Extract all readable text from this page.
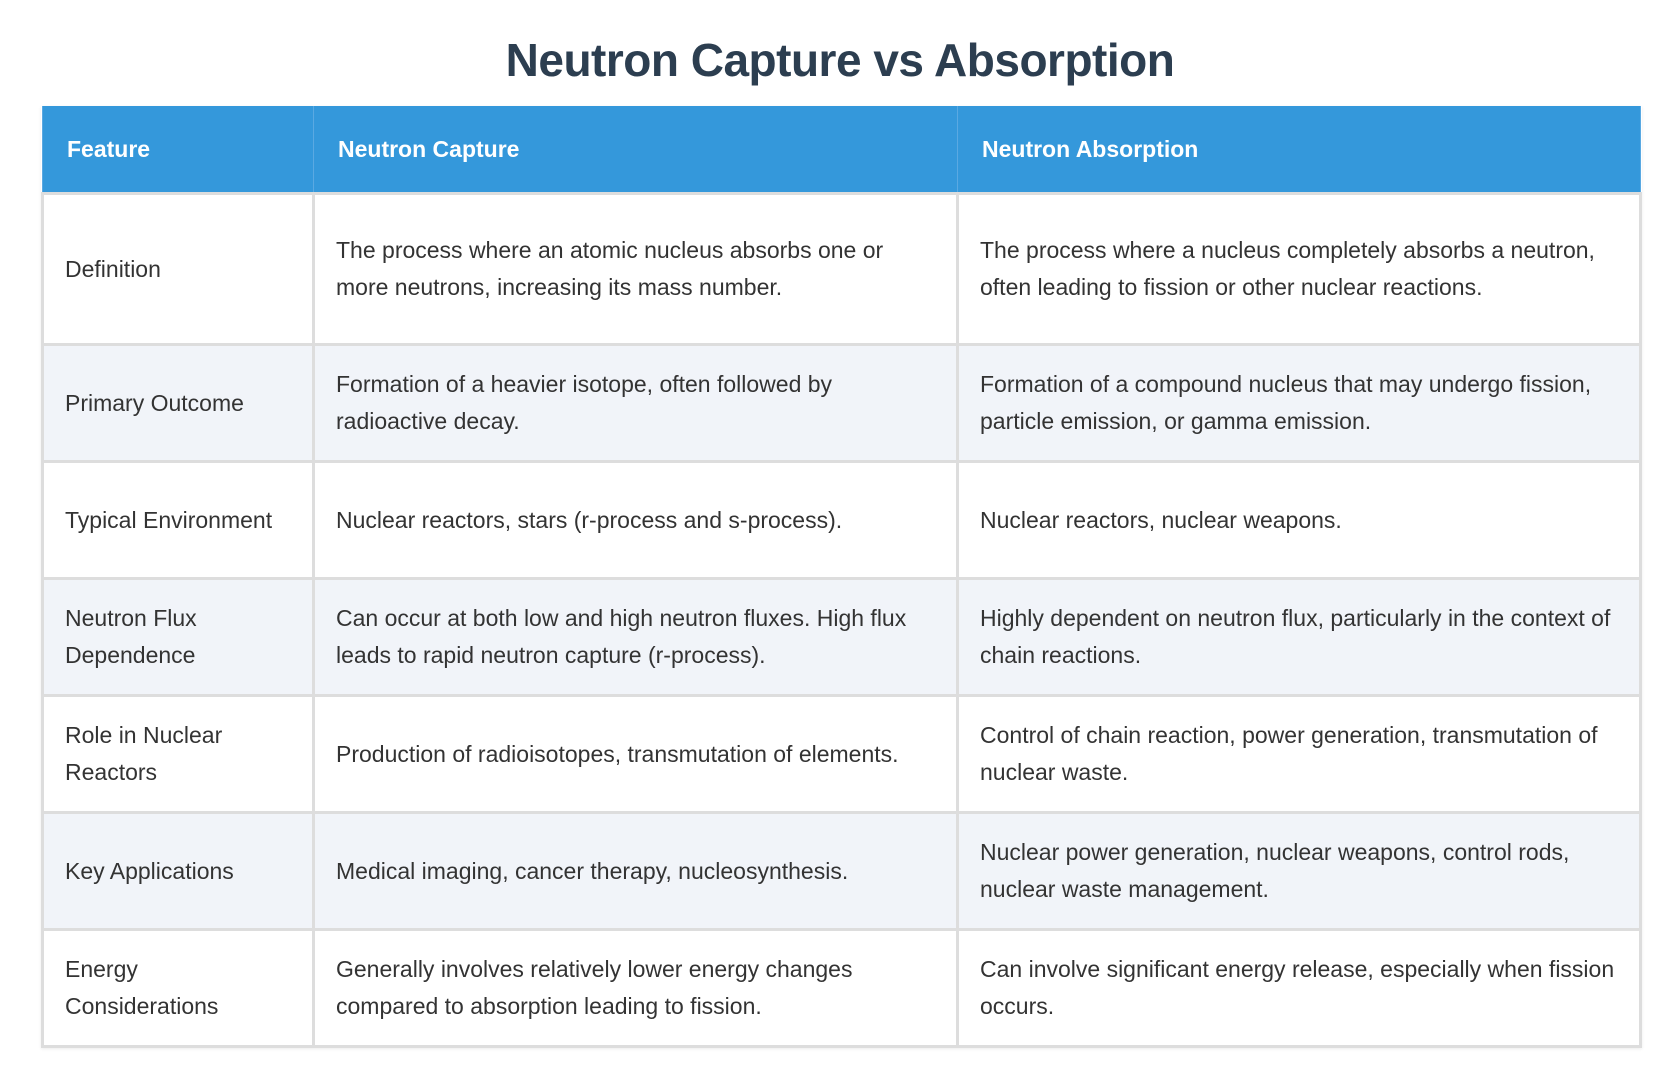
Neutron Capture vs Absorption
Feature	Neutron Capture	Neutron Absorption
Definition	The process where an atomic nucleus absorbs one or more neutrons, increasing its mass number.	The process where a nucleus completely absorbs a neutron, often leading to fission or other nuclear reactions.
Primary Outcome	Formation of a heavier isotope, often followed by radioactive decay.	Formation of a compound nucleus that may undergo fission, particle emission, or gamma emission.
Typical Environment	Nuclear reactors, stars (r-process and s-process).	Nuclear reactors, nuclear weapons.
Neutron Flux Dependence	Can occur at both low and high neutron fluxes. High flux leads to rapid neutron capture (r-process).	Highly dependent on neutron flux, particularly in the context of chain reactions.
Role in Nuclear Reactors	Production of radioisotopes, transmutation of elements.	Control of chain reaction, power generation, transmutation of nuclear waste.
Key Applications	Medical imaging, cancer therapy, nucleosynthesis.	Nuclear power generation, nuclear weapons, control rods, nuclear waste management.
Energy Considerations	Generally involves relatively lower energy changes compared to absorption leading to fission.	Can involve significant energy release, especially when fission occurs.
